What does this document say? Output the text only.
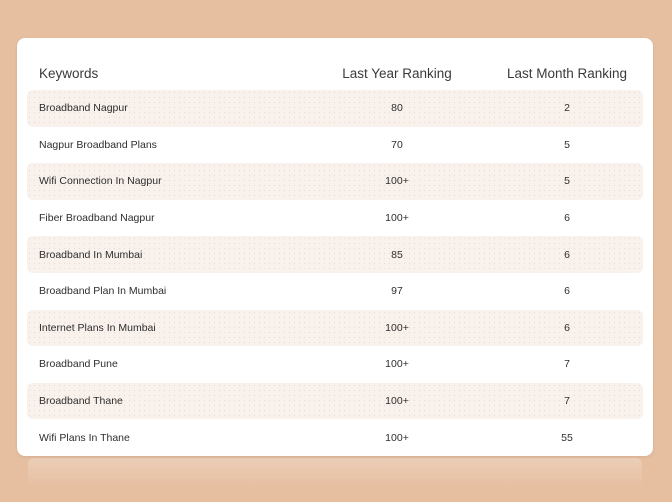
Keywords	Last Year Ranking	Last Month Ranking
Broadband Nagpur	80	2
Nagpur Broadband Plans	70	5
Wifi Connection In Nagpur	100+	5
Fiber Broadband Nagpur	100+	6
Broadband In Mumbai	85	6
Broadband Plan In Mumbai	97	6
Internet Plans In Mumbai	100+	6
Broadband Pune	100+	7
Broadband Thane	100+	7
Wifi Plans In Thane	100+	55
